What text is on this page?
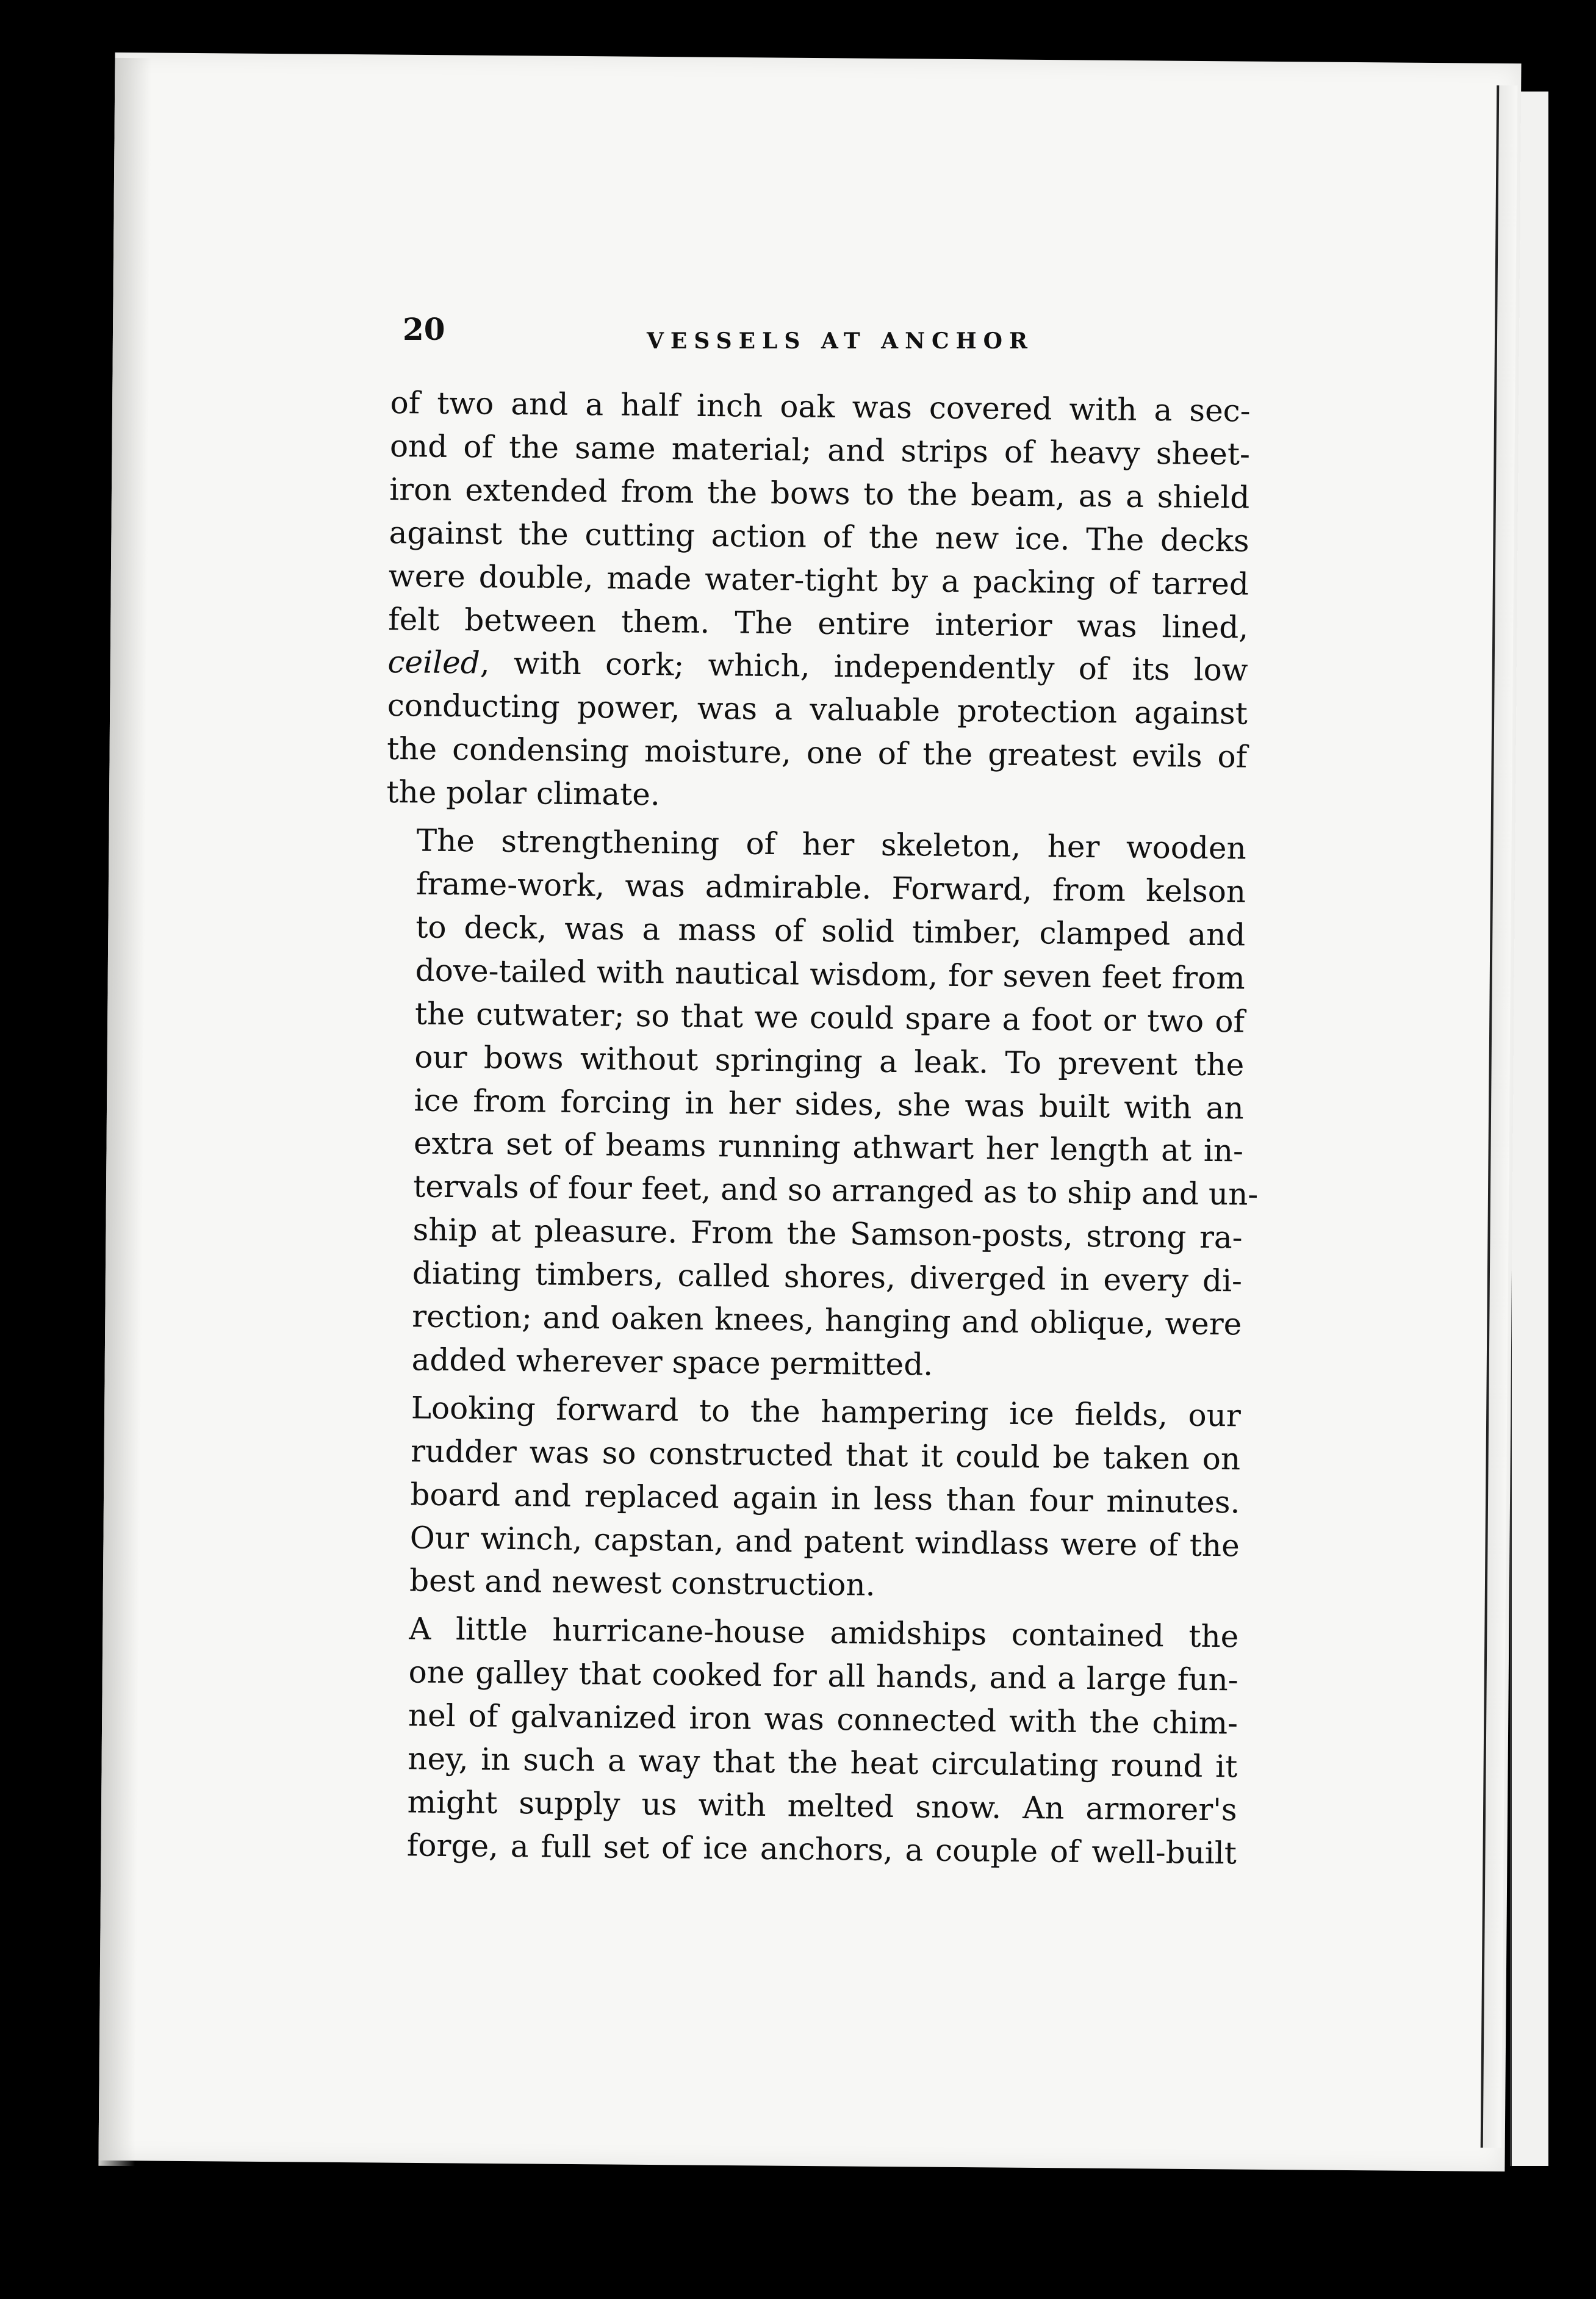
20	VESSELS AT ANCHOR
of two and a half inch oak was covered with a sec-
ond of the same material; and strips of heavy sheet-
iron extended from the bows to the beam, as a shield
against the cutting action of the new ice. The decks
were double, made water-tight by a packing of tarred
felt between them. The entire interior was lined,
ceiled, with cork; which, independently of its low
conducting power, was a valuable protection against
the condensing moisture, one of the greatest evils of
the polar climate.
The strengthening of her skeleton, her wooden
frame-work, was admirable. Forward, from kelson
to deck, was a mass of solid timber, clamped and
dove-tailed with nautical wisdom, for seven feet from
the cutwater; so that we could spare a foot or two of
our bows without springing a leak. To prevent the
ice from forcing in her sides, she was built with an
extra set of beams running athwart her length at in-
tervals of four feet, and so arranged as to ship and un-
ship at pleasure. From the Samson-posts, strong ra-
diating timbers, called shores, diverged in every di-
rection; and oaken knees, hanging and oblique, were
added wherever space permitted.
Looking forward to the hampering ice fields, our
rudder was so constructed that it could be taken on
board and replaced again in less than four minutes.
Our winch, capstan, and patent windlass were of the
best and newest construction.
A little hurricane-house amidships contained the
one galley that cooked for all hands, and a large fun-
nel of galvanized iron was connected with the chim-
ney, in such a way that the heat circulating round it
might supply us with melted snow. An armorer's
forge, a full set of ice anchors, a couple of well-built
